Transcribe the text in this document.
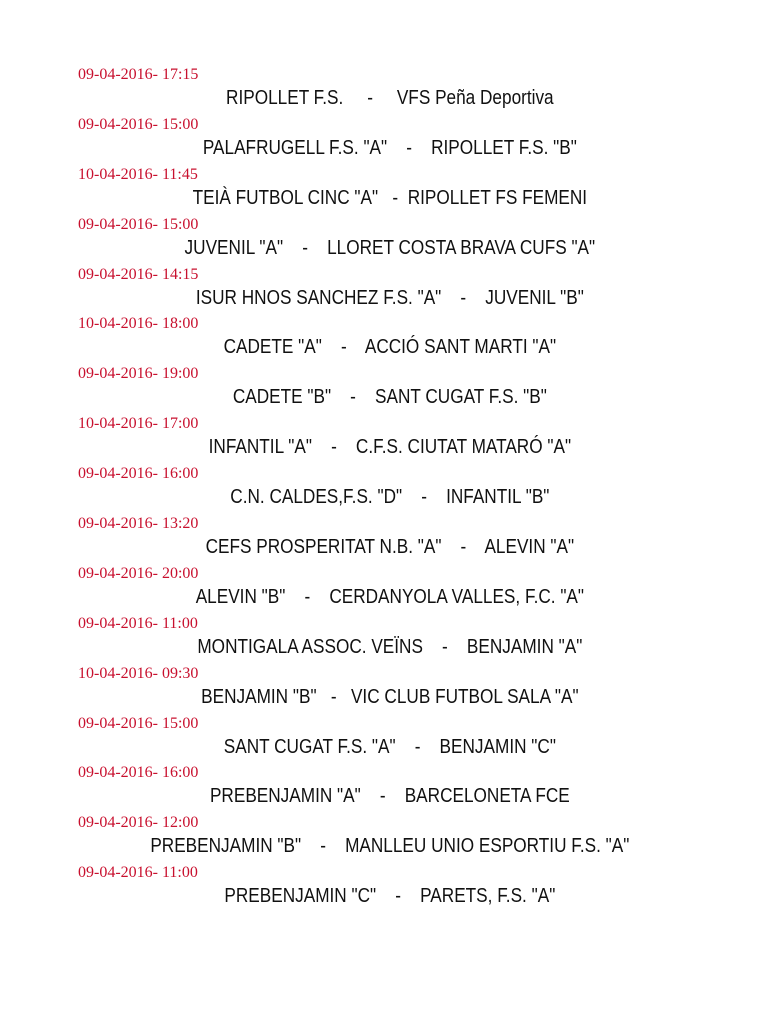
09-04-2016- 17:15
RIPOLLET F.S.     -     VFS Peña Deportiva
09-04-2016- 15:00
PALAFRUGELL F.S. "A"    -    RIPOLLET F.S. "B"
10-04-2016- 11:45
TEIÀ FUTBOL CINC "A"   -  RIPOLLET FS FEMENI
09-04-2016- 15:00
JUVENIL "A"    -    LLORET COSTA BRAVA CUFS "A"
09-04-2016- 14:15
ISUR HNOS SANCHEZ F.S. "A"    -    JUVENIL "B"
10-04-2016- 18:00
CADETE "A"    -    ACCIÓ SANT MARTI "A"
09-04-2016- 19:00
CADETE "B"    -    SANT CUGAT F.S. "B"
10-04-2016- 17:00
INFANTIL "A"    -    C.F.S. CIUTAT MATARÓ "A"
09-04-2016- 16:00
C.N. CALDES,F.S. "D"    -    INFANTIL "B"
09-04-2016- 13:20
CEFS PROSPERITAT N.B. "A"    -    ALEVIN "A"
09-04-2016- 20:00
ALEVIN "B"    -    CERDANYOLA VALLES, F.C. "A"
09-04-2016- 11:00
MONTIGALA ASSOC. VEÏNS    -    BENJAMIN "A"
10-04-2016- 09:30
BENJAMIN "B"   -   VIC CLUB FUTBOL SALA "A"
09-04-2016- 15:00
SANT CUGAT F.S. "A"    -    BENJAMIN "C"
09-04-2016- 16:00
PREBENJAMIN "A"    -    BARCELONETA FCE
09-04-2016- 12:00
PREBENJAMIN "B"    -    MANLLEU UNIO ESPORTIU F.S. "A"
09-04-2016- 11:00
PREBENJAMIN "C"    -    PARETS, F.S. "A"
